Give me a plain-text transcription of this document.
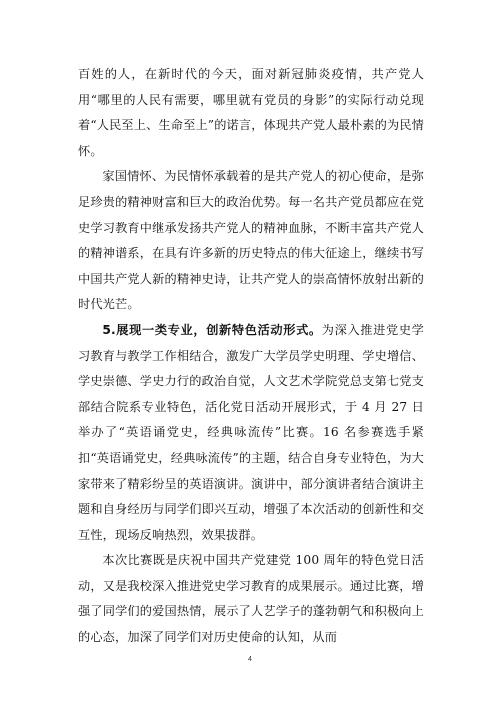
百姓的人，在新时代的今天，面对新冠肺炎疫情，共产党人用“哪里的人民有需要，哪里就有党员的身影”的实际行动兑现着“人民至上、生命至上”的诺言，体现共产党人最朴素的为民情怀。

家国情怀、为民情怀承载着的是共产党人的初心使命，是弥足珍贵的精神财富和巨大的政治优势。每一名共产党员都应在党史学习教育中继承发扬共产党人的精神血脉，不断丰富共产党人的精神谱系，在具有许多新的历史特点的伟大征途上，继续书写中国共产党人新的精神史诗，让共产党人的崇高情怀放射出新的时代光芒。

5.展现一类专业，创新特色活动形式。为深入推进党史学习教育与教学工作相结合，激发广大学员学史明理、学史增信、学史崇德、学史力行的政治自觉，人文艺术学院党总支第七党支部结合院系专业特色，活化党日活动开展形式，于 4 月 27 日举办了“英语诵党史，经典咏流传”比赛。16 名参赛选手紧扣“英语诵党史，经典咏流传”的主题，结合自身专业特色，为大家带来了精彩纷呈的英语演讲。演讲中，部分演讲者结合演讲主题和自身经历与同学们即兴互动，增强了本次活动的创新性和交互性，现场反响热烈，效果拔群。

本次比赛既是庆祝中国共产党建党 100 周年的特色党日活动，又是我校深入推进党史学习教育的成果展示。通过比赛，增强了同学们的爱国热情，展示了人艺学子的蓬勃朝气和积极向上的心态，加深了同学们对历史使命的认知，从而

4
